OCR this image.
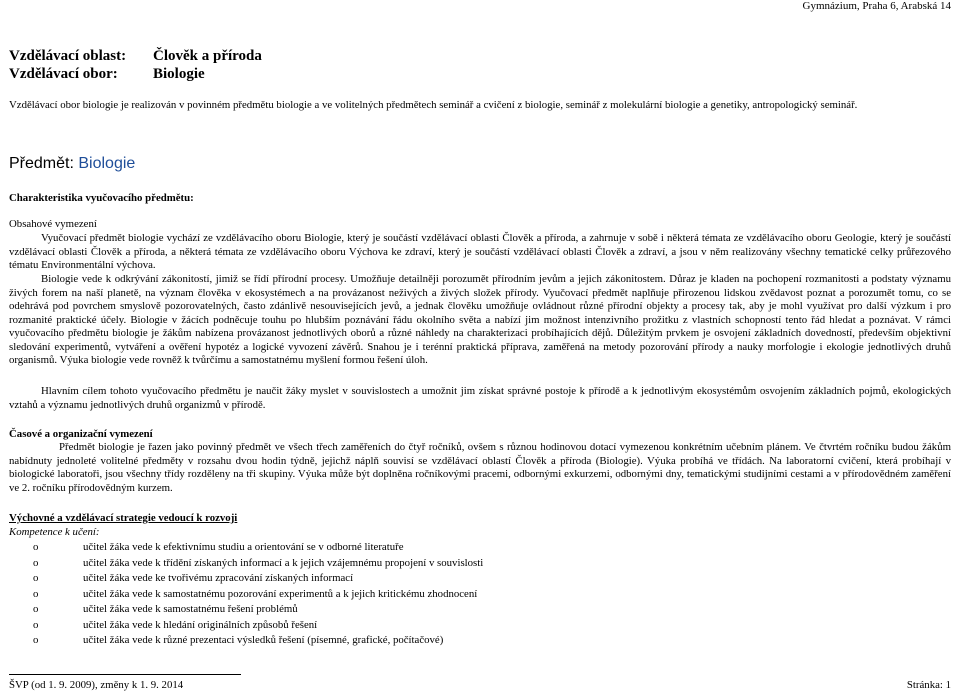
Gymnázium, Praha 6, Arabská 14
Vzdělávací oblast:	Člověk a příroda
Vzdělávací obor:	Biologie
Vzdělávací obor biologie je realizován v povinném předmětu biologie a ve volitelných předmětech seminář a cvičení z biologie, seminář z molekulární biologie a genetiky, antropologický seminář.
Předmět: Biologie
Charakteristika vyučovacího předmětu:
Obsahové vymezení
Vyučovací předmět biologie vychází ze vzdělávacího oboru Biologie, který je součástí vzdělávací oblasti Člověk a příroda, a zahrnuje v sobě i některá témata ze vzdělávacího oboru Geologie, který je součástí vzdělávací oblasti Člověk a příroda, a některá témata ze vzdělávacího oboru Výchova ke zdraví, který je součástí vzdělávací oblasti Člověk a zdraví, a jsou v něm realizovány všechny tematické celky průřezového tématu Environmentální výchova.
Biologie vede k odkrývání zákonitostí, jimiž se řídí přírodní procesy. Umožňuje detailněji porozumět přírodním jevům a jejich zákonitostem. Důraz je kladen na pochopení rozmanitosti a podstaty významu živých forem na naší planetě, na význam člověka v ekosystémech a na provázanost neživých a živých složek přírody. Vyučovací předmět naplňuje přirozenou lidskou zvědavost poznat a porozumět tomu, co se odehrává pod povrchem smyslově pozorovatelných, často zdánlivě nesouvisejících jevů, a jednak člověku umožňuje ovládnout různé přírodní objekty a procesy tak, aby je mohl využívat pro další výzkum i pro rozmanité praktické účely. Biologie v žácích podněcuje touhu po hlubším poznávání řádu okolního světa a nabízí jim možnost intenzivního prožitku z vlastních schopností tento řád hledat a poznávat. V rámci vyučovacího předmětu biologie je žákům nabízena provázanost jednotlivých oborů a různé náhledy na charakterizaci probíhajících dějů. Důležitým prvkem je osvojení základních dovedností, především objektivní sledování experimentů, vytváření a ověření hypotéz a logické vyvození závěrů. Snahou je i terénní praktická příprava, zaměřená na metody pozorování přírody a nauky morfologie i ekologie jednotlivých druhů organismů. Výuka biologie vede rovněž k tvůrčímu a samostatnému myšlení formou řešení úloh.
Hlavním cílem tohoto vyučovacího předmětu je naučit žáky myslet v souvislostech a umožnit jim získat správné postoje k přírodě a k jednotlivým ekosystémům osvojením základních pojmů, ekologických vztahů a významu jednotlivých druhů organizmů v přírodě.
Časové a organizační vymezení
Předmět biologie je řazen jako povinný předmět ve všech třech zaměřeních do čtyř ročníků, ovšem s různou hodinovou dotací vymezenou konkrétním učebním plánem. Ve čtvrtém ročníku budou žákům nabídnuty jednoleté volitelné předměty v rozsahu dvou hodin týdně, jejichž náplň souvisí se vzdělávací oblastí Člověk a příroda (Biologie). Výuka probíhá ve třídách. Na laboratorní cvičení, která probíhají v biologické laboratoři, jsou všechny třídy rozděleny na tři skupiny. Výuka může být doplněna ročníkovými pracemi, odbornými exkurzemi, odbornými dny, tematickými studijními cestami a v přírodovědném zaměření ve 2. ročníku přírodovědným kurzem.
Výchovné a vzdělávací strategie vedoucí k rozvoji
Kompetence k učení:
o	učitel žáka vede k efektivnímu studiu a orientování se v odborné literatuře
o	učitel žáka vede k třídění získaných informací a k jejich vzájemnému propojení v souvislosti
o	učitel žáka vede ke tvořivému zpracování získaných informací
o	učitel žáka vede k samostatnému pozorování experimentů a k jejich kritickému zhodnocení
o	učitel žáka vede k samostatnému řešení problémů
o	učitel žáka vede k hledání originálních způsobů řešení
o	učitel žáka vede k různé prezentaci výsledků řešení (písemné, grafické, počítačové)
ŠVP (od 1. 9. 2009), změny k 1. 9. 2014	Stránka: 1
